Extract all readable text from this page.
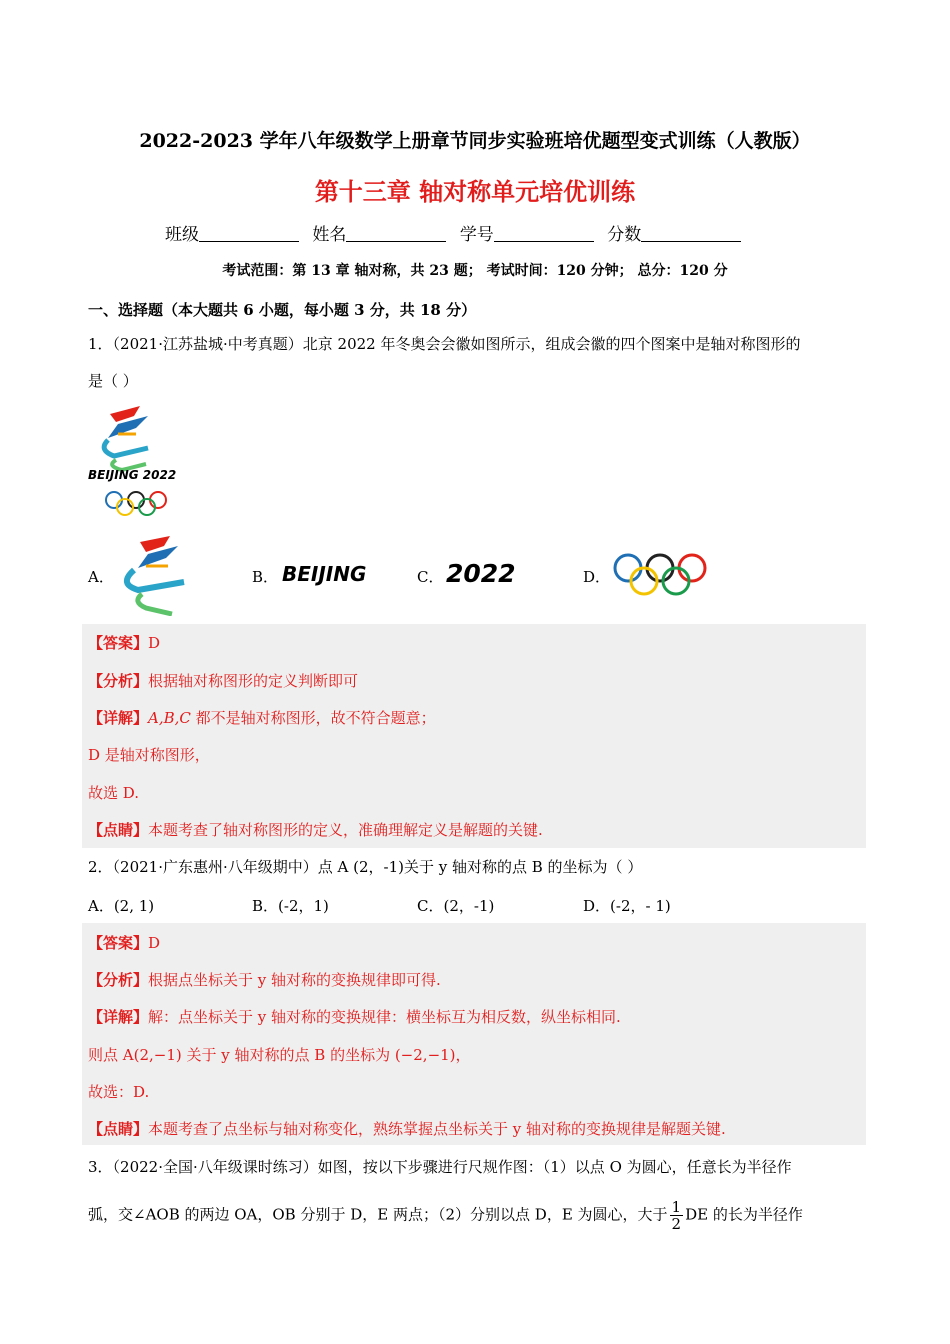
2022-2023 学年八年级数学上册章节同步实验班培优题型变式训练（人教版）
第十三章 轴对称单元培优训练
班级	姓名	学号	分数
考试范围：第 13 章 轴对称，共 23 题； 考试时间：120 分钟； 总分：120 分
一、选择题（本大题共 6 小题，每小题 3 分，共 18 分）
1．（2021·江苏盐城·中考真题）北京 2022 年冬奥会会徽如图所示，组成会徽的四个图案中是轴对称图形的
是（ ）
BEIJING 2022
A．	B． BEIJING	C． 2022	D．
【答案】D
【分析】根据轴对称图形的定义判断即可
【详解】A,B,C 都不是轴对称图形，故不符合题意；
D 是轴对称图形，
故选 D.
【点睛】本题考查了轴对称图形的定义，准确理解定义是解题的关键.
2．（2021·广东惠州·八年级期中）点 A (2，-1)关于 y 轴对称的点 B 的坐标为（ ）
A．(2, 1)	B．(-2，1)	C．(2，-1)	D．(-2，- 1)
【答案】D
【分析】根据点坐标关于 y 轴对称的变换规律即可得.
【详解】解：点坐标关于 y 轴对称的变换规律：横坐标互为相反数，纵坐标相同.
则点 A(2,−1) 关于 y 轴对称的点 B 的坐标为 (−2,−1)，
故选：D.
【点睛】本题考查了点坐标与轴对称变化，熟练掌握点坐标关于 y 轴对称的变换规律是解题关键.
3．（2022·全国·八年级课时练习）如图，按以下步骤进行尺规作图：（1）以点 O 为圆心，任意长为半径作
弧，交∠AOB 的两边 OA，OB 分别于 D，E 两点；（2）分别以点 D，E 为圆心，大于 $\frac{1}{2}$ DE 的长为半径作
